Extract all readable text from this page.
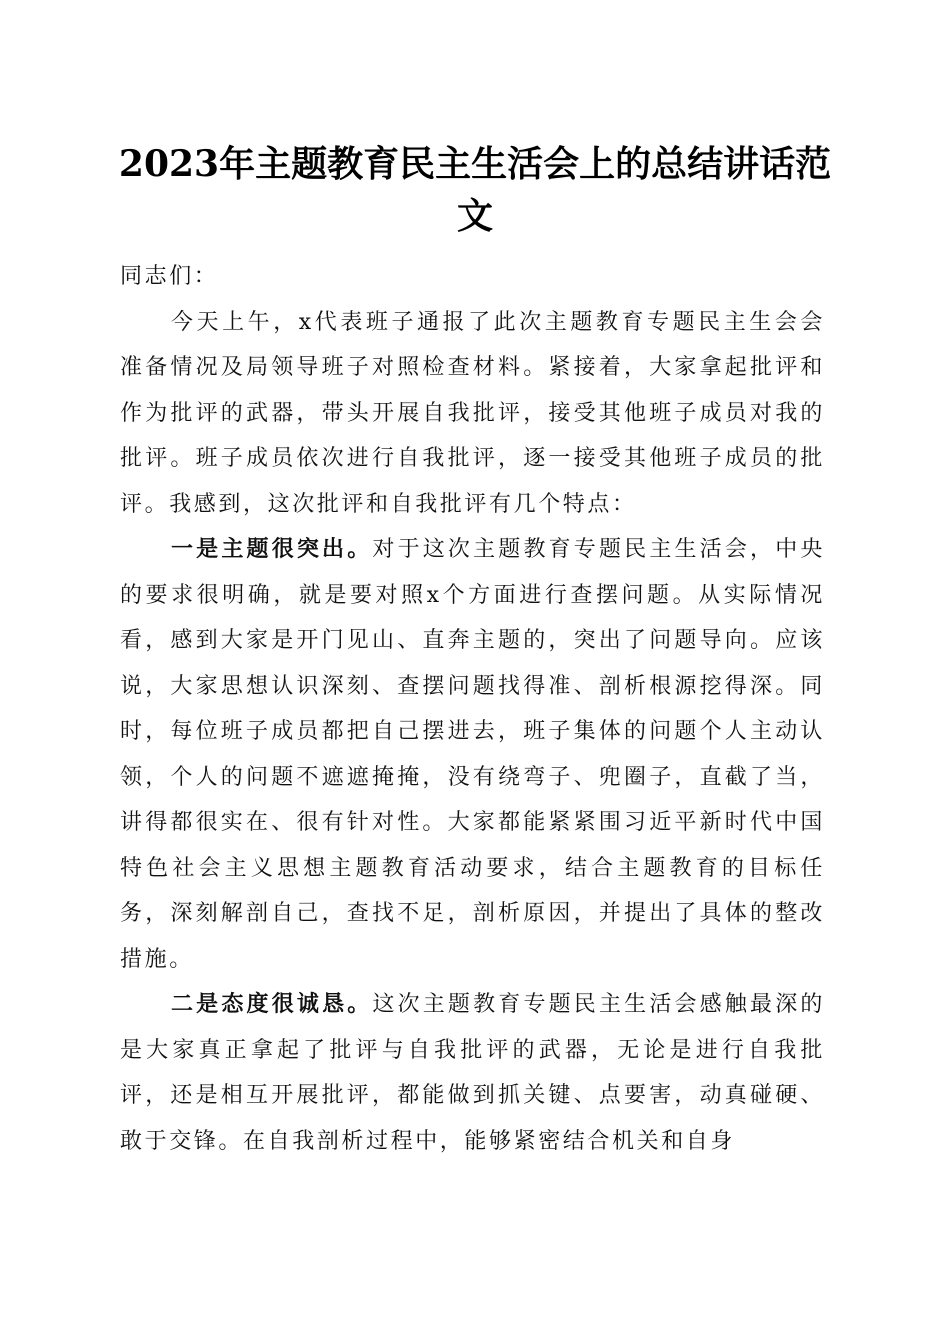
2023年主题教育民主生活会上的总结讲话范文

同志们：

今天上午，x代表班子通报了此次主题教育专题民主生会会准备情况及局领导班子对照检查材料。紧接着，大家拿起批评和作为批评的武器，带头开展自我批评，接受其他班子成员对我的批评。班子成员依次进行自我批评，逐一接受其他班子成员的批评。我感到，这次批评和自我批评有几个特点：

一是主题很突出。对于这次主题教育专题民主生活会，中央的要求很明确，就是要对照x个方面进行查摆问题。从实际情况看，感到大家是开门见山、直奔主题的，突出了问题导向。应该说，大家思想认识深刻、查摆问题找得准、剖析根源挖得深。同时，每位班子成员都把自己摆进去，班子集体的问题个人主动认领，个人的问题不遮遮掩掩，没有绕弯子、兜圈子，直截了当，讲得都很实在、很有针对性。大家都能紧紧围习近平新时代中国特色社会主义思想主题教育活动要求，结合主题教育的目标任务，深刻解剖自己，查找不足，剖析原因，并提出了具体的整改措施。

二是态度很诚恳。这次主题教育专题民主生活会感触最深的是大家真正拿起了批评与自我批评的武器，无论是进行自我批评，还是相互开展批评，都能做到抓关键、点要害，动真碰硬、敢于交锋。在自我剖析过程中，能够紧密结合机关和自身
